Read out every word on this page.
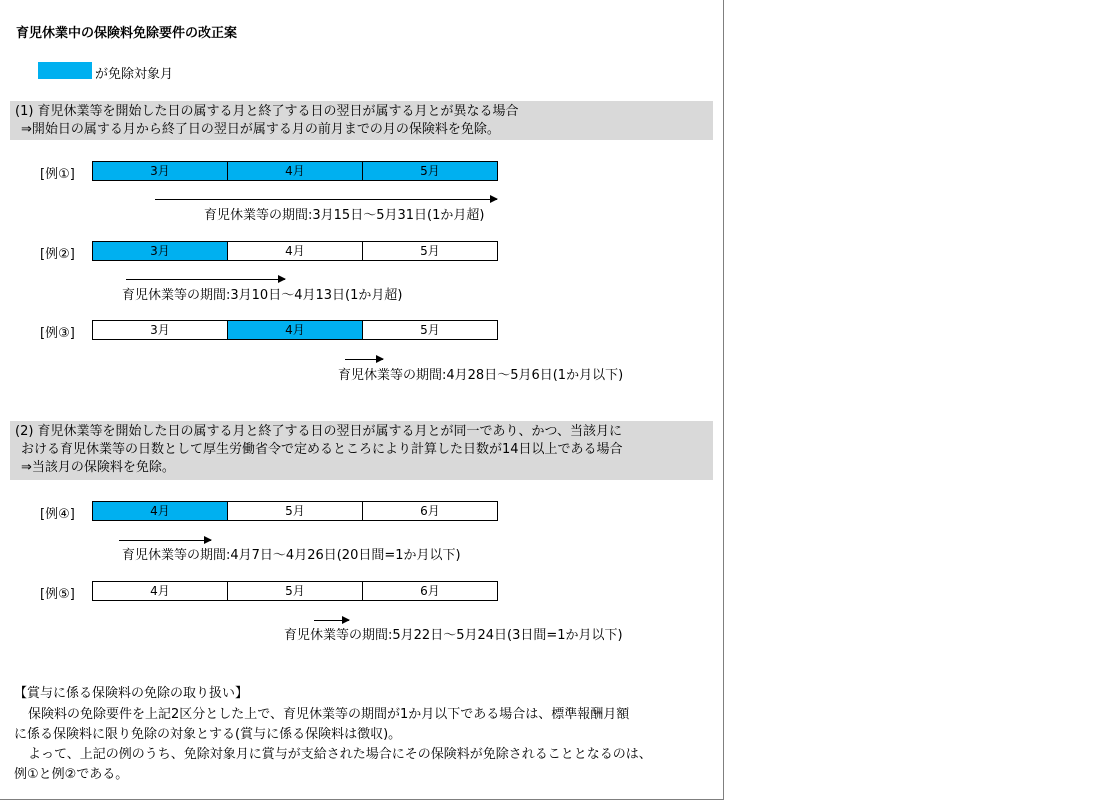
育児休業中の保険料免除要件の改正案
が免除対象月
(1) 育児休業等を開始した日の属する月と終了する日の翌日が属する月とが異なる場合
⇒開始日の属する月から終了日の翌日が属する月の前月までの月の保険料を免除。
[例①]	3月	4月	5月
育児休業等の期間:3月15日～5月31日(1か月超)
[例②]	3月	4月	5月
育児休業等の期間:3月10日～4月13日(1か月超)
[例③]	3月	4月	5月
育児休業等の期間:4月28日～5月6日(1か月以下)
(2) 育児休業等を開始した日の属する月と終了する日の翌日が属する月とが同一であり、かつ、当該月に
おける育児休業等の日数として厚生労働省令で定めるところにより計算した日数が14日以上である場合
⇒当該月の保険料を免除。
[例④]	4月	5月	6月
育児休業等の期間:4月7日～4月26日(20日間=1か月以下)
[例⑤]	4月	5月	6月
育児休業等の期間:5月22日～5月24日(3日間=1か月以下)
【賞与に係る保険料の免除の取り扱い】
保険料の免除要件を上記2区分とした上で、育児休業等の期間が1か月以下である場合は、標準報酬月額
に係る保険料に限り免除の対象とする(賞与に係る保険料は徴収)。
よって、上記の例のうち、免除対象月に賞与が支給された場合にその保険料が免除されることとなるのは、
例①と例②である。
